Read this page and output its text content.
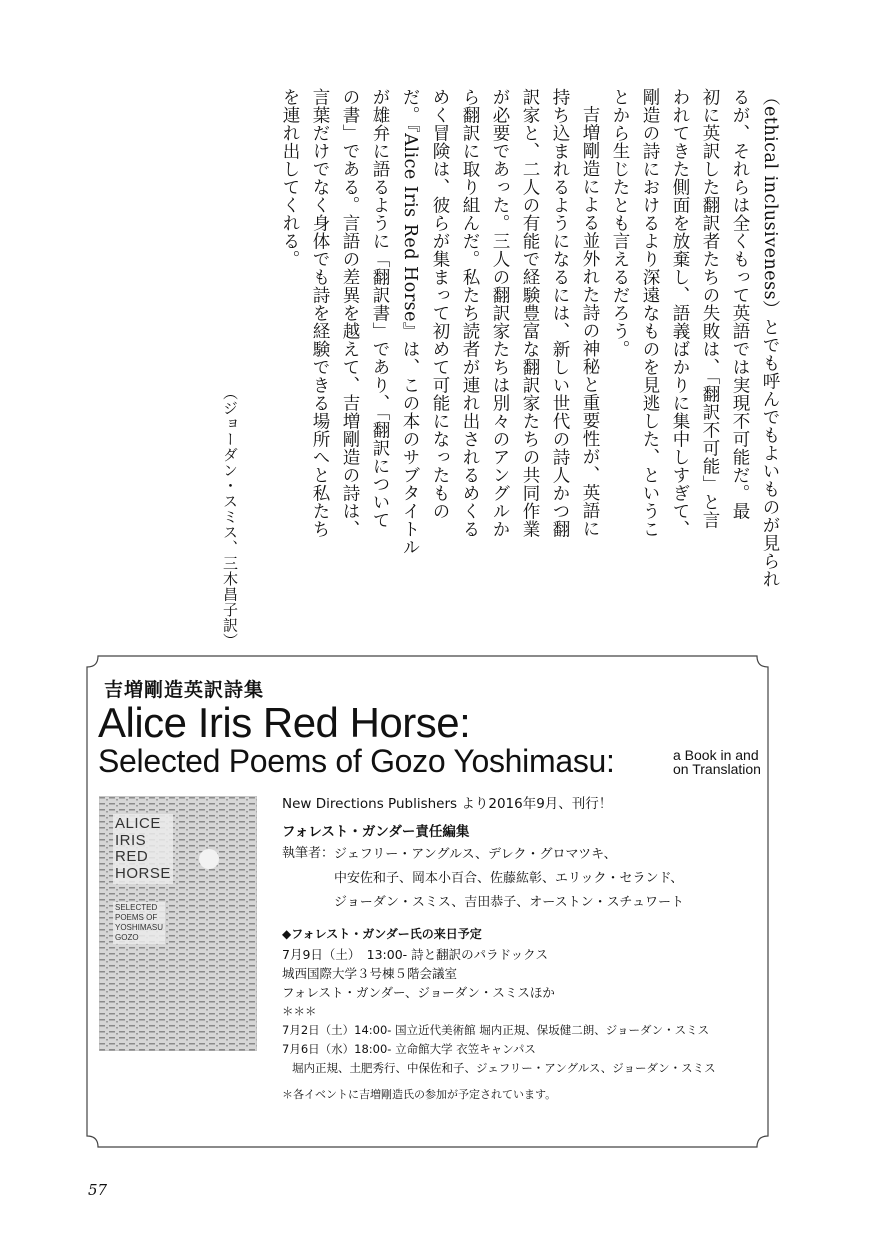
（ethical inclusiveness）とでも呼んでもよいものが見られ
るが、それらは全くもって英語では実現不可能だ。最
初に英訳した翻訳者たちの失敗は、「翻訳不可能」と言
われてきた側面を放棄し、語義ばかりに集中しすぎて、
剛造の詩におけるより深遠なものを見逃した、というこ
とから生じたとも言えるだろう。

吉増剛造による並外れた詩の神秘と重要性が、英語に
持ち込まれるようになるには、新しい世代の詩人かつ翻
訳家と、二人の有能で経験豊富な翻訳家たちの共同作業
が必要であった。三人の翻訳家たちは別々のアングルか
ら翻訳に取り組んだ。私たち読者が連れ出されるめくる
めく冒険は、彼らが集まって初めて可能になったもの
だ。『Alice Iris Red Horse』は、この本のサブタイトル
が雄弁に語るように「翻訳書」であり、「翻訳について
の書」である。言語の差異を越えて、吉増剛造の詩は、
言葉だけでなく身体でも詩を経験できる場所へと私たち
を連れ出してくれる。

（ジョーダン・スミス、三木昌子訳）

吉増剛造英訳詩集
Alice Iris Red Horse:
Selected Poems of Gozo Yoshimasu:	a Book in and
on Translation
ALICE
IRIS
RED
HORSE
SELECTED
POEMS OF
YOSHIMASU
GOZO
New Directions Publishers より2016年9月、刊行！
フォレスト・ガンダー責任編集
執筆者： ジェフリー・アングルス、デレク・グロマツキ、
中安佐和子、岡本小百合、佐藤紘彰、エリック・セランド、
ジョーダン・スミス、吉田恭子、オーストン・スチュワート
◆フォレスト・ガンダー氏の来日予定
7月9日（土）　13:00- 詩と翻訳のパラドックス
城西国際大学３号棟５階会議室
フォレスト・ガンダー、ジョーダン・スミスほか
＊＊＊
7月2日（土）14:00- 国立近代美術館 堀内正規、保坂健二朗、ジョーダン・スミス
7月6日（水）18:00- 立命館大学 衣笠キャンパス
堀内正規、土肥秀行、中保佐和子、ジェフリー・アングルス、ジョーダン・スミス
＊各イベントに吉増剛造氏の参加が予定されています。
57
